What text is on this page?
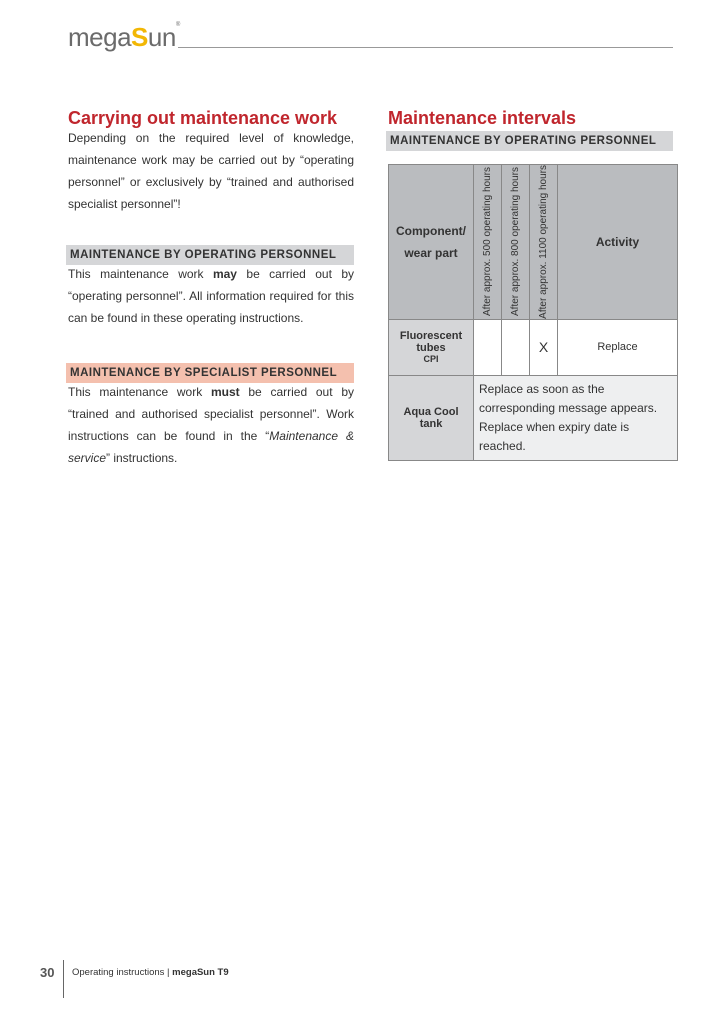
megaSun®
Carrying out maintenance work
Depending on the required level of knowledge, maintenance work may be carried out by “operating personnel” or exclusively by “trained and authorised specialist personnel”!
MAINTENANCE BY OPERATING PERSONNEL
This maintenance work may be carried out by “operating personnel”. All information required for this can be found in these operating instructions.
MAINTENANCE BY SPECIALIST PERSONNEL
This maintenance work must be carried out by “trained and authorised specialist personnel”. Work instructions can be found in the “Maintenance & service” instructions.
Maintenance intervals
MAINTENANCE BY OPERATING PERSONNEL
Component/ wear part	After approx. 500 operating hours	After approx. 800 operating hours	After approx. 1100 operating hours	Activity

Fluorescent tubes
CPI			X	Replace
Aqua Cool tank	Replace as soon as the corresponding message appears. Replace when expiry date is reached.			
30 Operating instructions | megaSun T9
